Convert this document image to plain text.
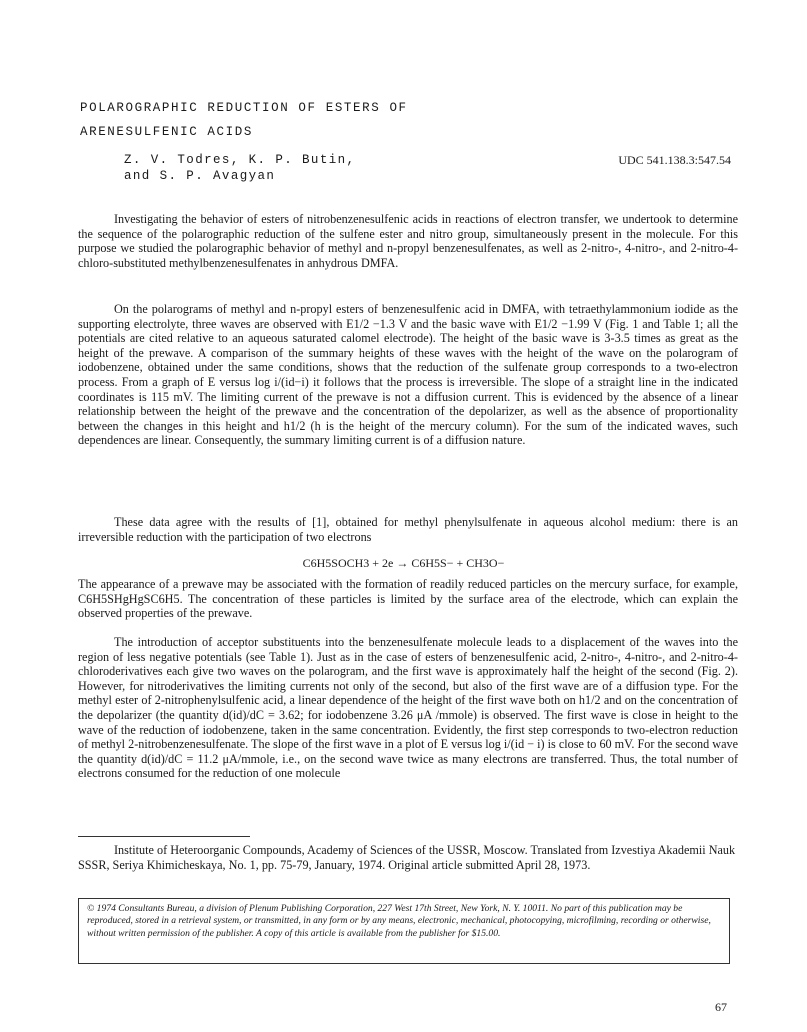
POLAROGRAPHIC REDUCTION OF ESTERS OF
ARENESULFENIC ACIDS
Z. V. Todres, K. P. Butin,
and S. P. Avagyan
UDC 541.138.3:547.54

Investigating the behavior of esters of nitrobenzenesulfenic acids in reactions of electron transfer, we undertook to determine the sequence of the polarographic reduction of the sulfene ester and nitro group, simultaneously present in the molecule. For this purpose we studied the polarographic behavior of methyl and n-propyl benzenesulfenates, as well as 2-nitro-, 4-nitro-, and 2-nitro-4-chloro-substituted methylbenzenesulfenates in anhydrous DMFA.

On the polarograms of methyl and n-propyl esters of benzenesulfenic acid in DMFA, with tetraethylammonium iodide as the supporting electrolyte, three waves are observed with E1/2 −1.3 V and the basic wave with E1/2 −1.99 V (Fig. 1 and Table 1; all the potentials are cited relative to an aqueous saturated calomel electrode). The height of the basic wave is 3-3.5 times as great as the height of the prewave. A comparison of the summary heights of these waves with the height of the wave on the polarogram of iodobenzene, obtained under the same conditions, shows that the reduction of the sulfenate group corresponds to a two-electron process. From a graph of E versus log i/(id−i) it follows that the process is irreversible. The slope of a straight line in the indicated coordinates is 115 mV. The limiting current of the prewave is not a diffusion current. This is evidenced by the absence of a linear relationship between the height of the prewave and the concentration of the depolarizer, as well as the absence of proportionality between the changes in this height and h1/2 (h is the height of the mercury column). For the sum of the indicated waves, such dependences are linear. Consequently, the summary limiting current is of a diffusion nature.

These data agree with the results of [1], obtained for methyl phenylsulfenate in aqueous alcohol medium: there is an irreversible reduction with the participation of two electrons

C6H5SOCH3 + 2e → C6H5S− + CH3O−

The appearance of a prewave may be associated with the formation of readily reduced particles on the mercury surface, for example, C6H5SHgHgSC6H5. The concentration of these particles is limited by the surface area of the electrode, which can explain the observed properties of the prewave.

The introduction of acceptor substituents into the benzenesulfenate molecule leads to a displacement of the waves into the region of less negative potentials (see Table 1). Just as in the case of esters of benzenesulfenic acid, 2-nitro-, 4-nitro-, and 2-nitro-4-chloroderivatives each give two waves on the polarogram, and the first wave is approximately half the height of the second (Fig. 2). However, for nitroderivatives the limiting currents not only of the second, but also of the first wave are of a diffusion type. For the methyl ester of 2-nitrophenylsulfenic acid, a linear dependence of the height of the first wave both on h1/2 and on the concentration of the depolarizer (the quantity d(id)/dC = 3.62; for iodobenzene 3.26 μA /mmole) is observed. The first wave is close in height to the wave of the reduction of iodobenzene, taken in the same concentration. Evidently, the first step corresponds to two-electron reduction of methyl 2-nitrobenzenesulfenate. The slope of the first wave in a plot of E versus log i/(id − i) is close to 60 mV. For the second wave the quantity d(id)/dC = 11.2 μA/mmole, i.e., on the second wave twice as many electrons are transferred. Thus, the total number of electrons consumed for the reduction of one molecule

Institute of Heteroorganic Compounds, Academy of Sciences of the USSR, Moscow. Translated from Izvestiya Akademii Nauk SSSR, Seriya Khimicheskaya, No. 1, pp. 75-79, January, 1974. Original article submitted April 28, 1973.

© 1974 Consultants Bureau, a division of Plenum Publishing Corporation, 227 West 17th Street, New York, N. Y. 10011. No part of this publication may be reproduced, stored in a retrieval system, or transmitted, in any form or by any means, electronic, mechanical, photocopying, microfilming, recording or otherwise, without written permission of the publisher. A copy of this article is available from the publisher for $15.00.

67
